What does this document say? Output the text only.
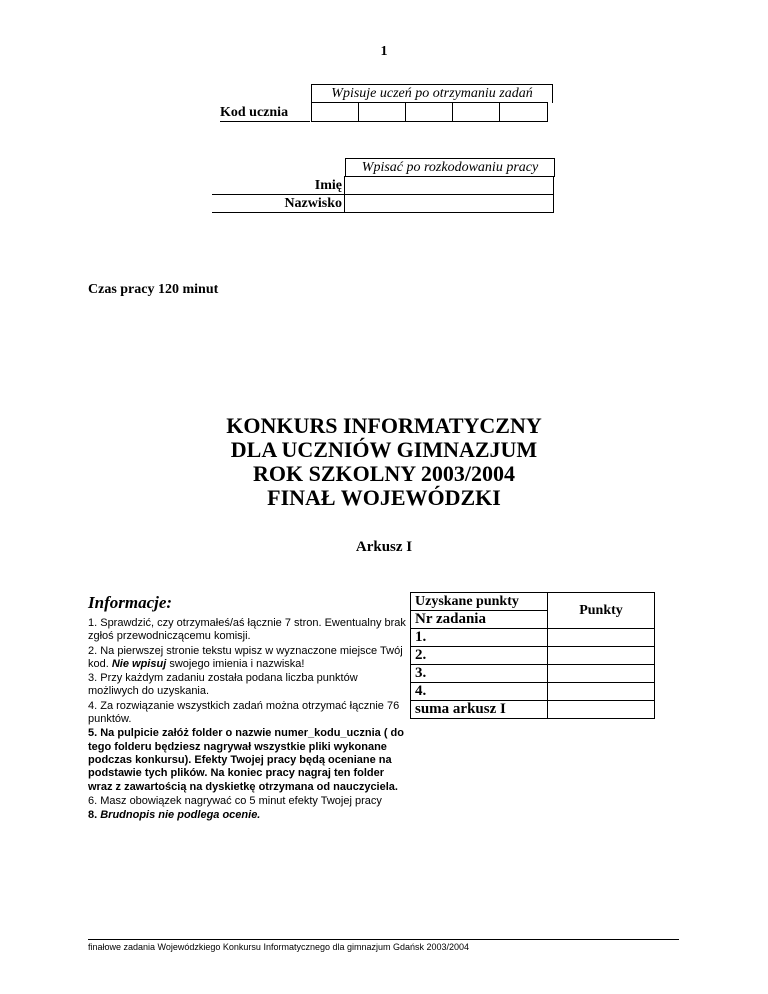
1
Wpisuje uczeń po otrzymaniu zadań
Kod ucznia
Wpisać po rozkodowaniu pracy
Imię	
Nazwisko	
Czas pracy 120 minut
KONKURS INFORMATYCZNY
DLA UCZNIÓW GIMNAZJUM
ROK SZKOLNY 2003/2004
FINAŁ WOJEWÓDZKI
Arkusz I
Informacje:

1. Sprawdzić, czy otrzymałeś/aś łącznie 7 stron. Ewentualny brak zgłoś przewodniczącemu komisji.

2. Na pierwszej stronie tekstu wpisz w wyznaczone miejsce Twój kod. Nie wpisuj swojego imienia i nazwiska!

3. Przy każdym zadaniu została podana liczba punktów możliwych do uzyskania.

4. Za rozwiązanie wszystkich zadań można otrzymać łącznie 76 punktów.

5. Na pulpicie załóż folder o nazwie numer_kodu_ucznia ( do tego folderu będziesz nagrywał wszystkie pliki wykonane podczas konkursu). Efekty Twojej pracy będą oceniane na podstawie tych plików. Na koniec pracy nagraj ten folder wraz z zawartością na dyskietkę otrzymana od nauczyciela.

6. Masz obowiązek nagrywać co 5 minut efekty Twojej pracy

8. Brudnopis nie podlega ocenie.

Uzyskane punkty	Punkty
Nr zadania	
1.	
2.	
3.	
4.	
suma arkusz I	
finałowe zadania Wojewódzkiego Konkursu Informatycznego dla gimnazjum Gdańsk 2003/2004
